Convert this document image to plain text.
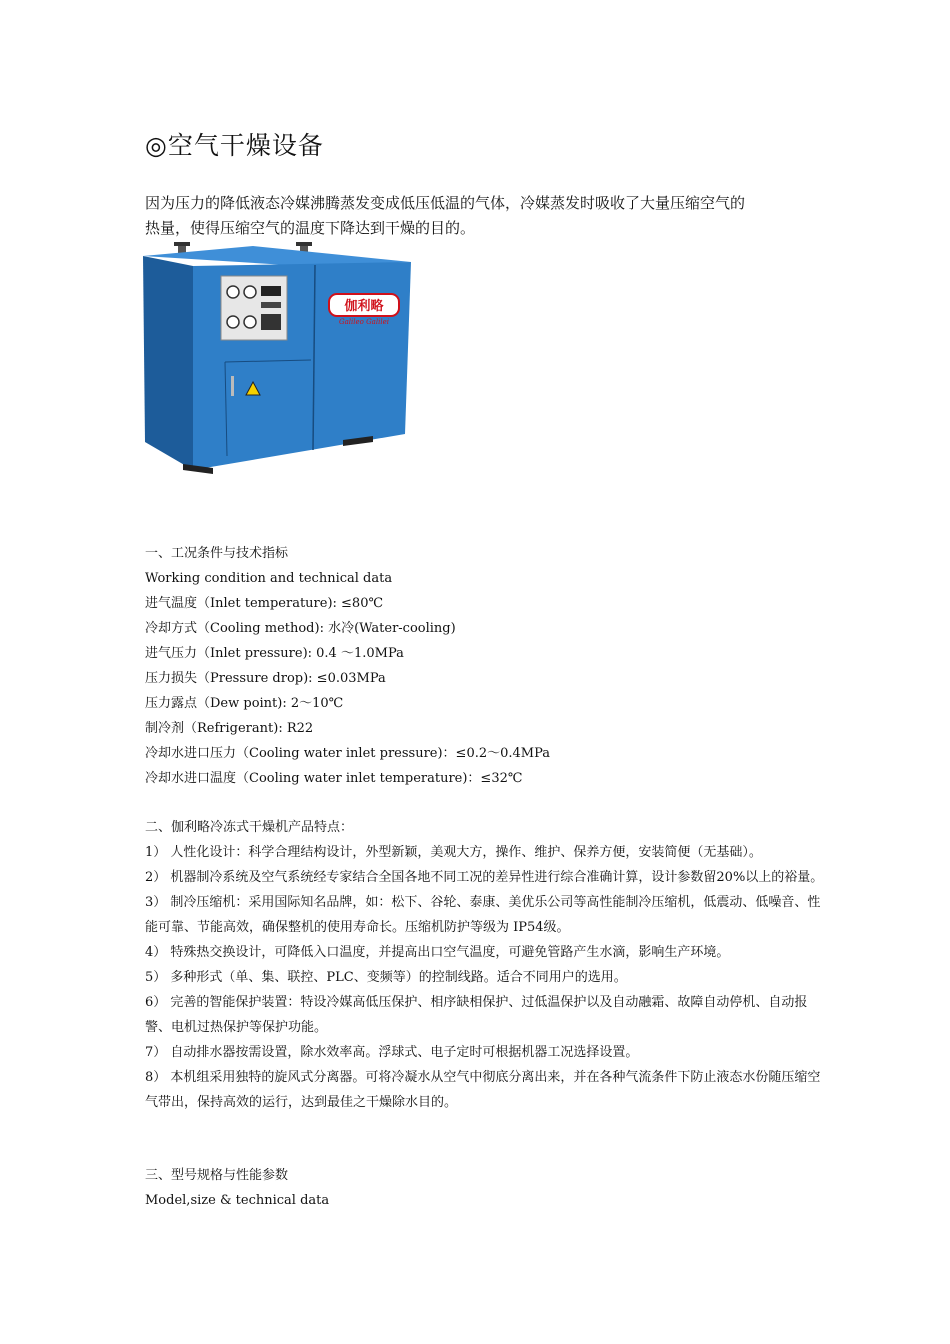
◎空气干燥设备

因为压力的降低液态冷媒沸腾蒸发变成低压低温的气体，冷媒蒸发时吸收了大量压缩空气的

热量，使得压缩空气的温度下降达到干燥的目的。

伽利略
Galileo Galilei

一、工况条件与技术指标

Working condition and technical data

进气温度（Inlet temperature): ≤80℃

冷却方式（Cooling method): 水冷(Water-cooling)

进气压力（Inlet pressure): 0.4 ～1.0MPa

压力损失（Pressure drop): ≤0.03MPa

压力露点（Dew point): 2～10℃

制冷剂（Refrigerant): R22

冷却水进口压力（Cooling water inlet pressure)：≤0.2～0.4MPa

冷却水进口温度（Cooling water inlet temperature)：≤32℃

二、伽利略冷冻式干燥机产品特点：

1） 人性化设计：科学合理结构设计，外型新颖，美观大方，操作、维护、保养方便，安装简便（无基础）。

2） 机器制冷系统及空气系统经专家结合全国各地不同工况的差异性进行综合准确计算，设计参数留20%以上的裕量。

3） 制冷压缩机：采用国际知名品牌，如：松下、谷轮、泰康、美优乐公司等高性能制冷压缩机，低震动、低噪音、性能可靠、节能高效，确保整机的使用寿命长。压缩机防护等级为 IP54级。

4） 特殊热交换设计，可降低入口温度，并提高出口空气温度，可避免管路产生水滴，影响生产环境。

5） 多种形式（单、集、联控、PLC、变频等）的控制线路。适合不同用户的选用。

6） 完善的智能保护装置：特设冷媒高低压保护、相序缺相保护、过低温保护以及自动融霜、故障自动停机、自动报警、电机过热保护等保护功能。

7） 自动排水器按需设置，除水效率高。浮球式、电子定时可根据机器工况选择设置。

8） 本机组采用独特的旋风式分离器。可将冷凝水从空气中彻底分离出来，并在各种气流条件下防止液态水份随压缩空气带出，保持高效的运行，达到最佳之干燥除水目的。

三、型号规格与性能参数

Model,size & technical data
